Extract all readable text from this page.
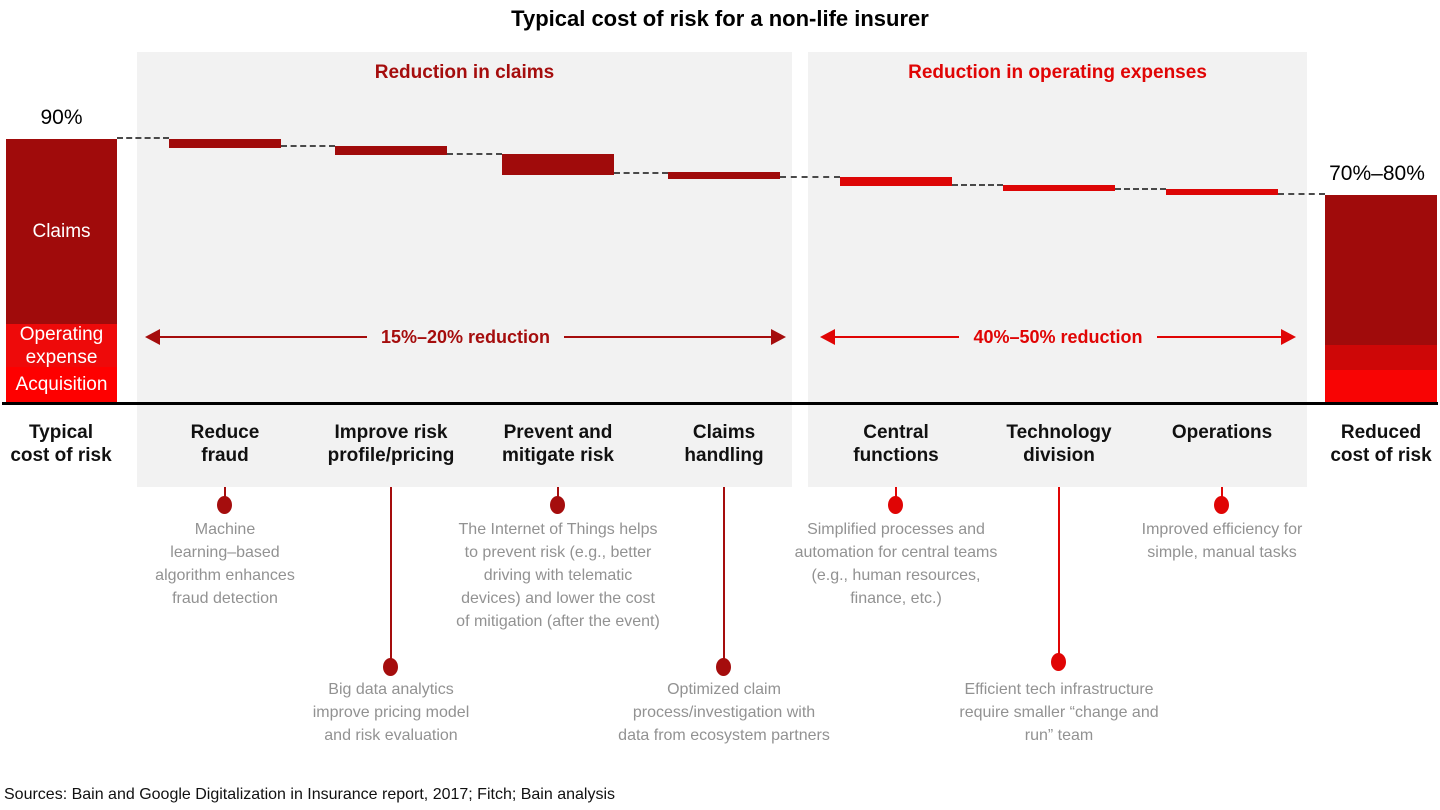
Typical cost of risk for a non-life insurer
Reduction in claims	Reduction in operating expenses
90%
70%–80%
Claims
Operating
expense
Acquisition
15%–20% reduction	40%–50% reduction
Typical
cost of risk
Reduce
fraud
Improve risk
profile/pricing
Prevent and
mitigate risk
Claims
handling
Central
functions
Technology
division
Operations	Reduced
cost of risk
Machine
learning–based
algorithm enhances
fraud detection
Big data analytics
improve pricing model
and risk evaluation
The Internet of Things helps
to prevent risk (e.g., better
driving with telematic
devices) and lower the cost
of mitigation (after the event)
Optimized claim
process/investigation with
data from ecosystem partners
Simplified processes and
automation for central teams
(e.g., human resources,
finance, etc.)
Efficient tech infrastructure
require smaller “change and
run” team
Improved efficiency for
simple, manual tasks
Sources: Bain and Google Digitalization in Insurance report, 2017; Fitch; Bain analysis
